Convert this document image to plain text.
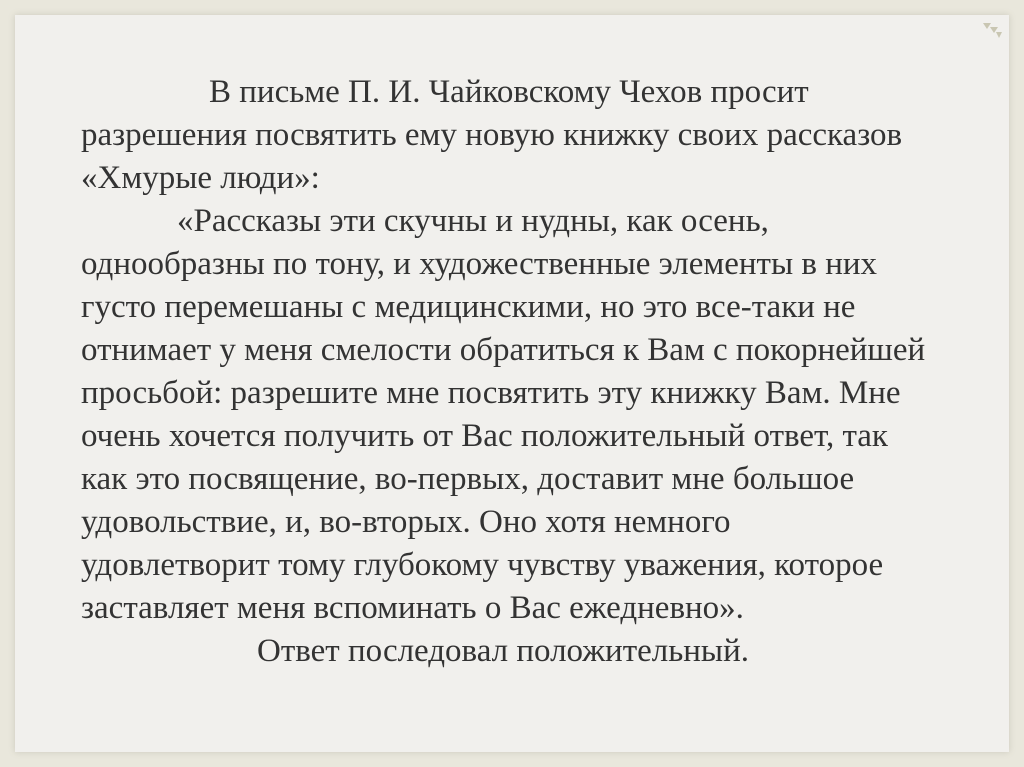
В письме П. И. Чайковскому Чехов просит
разрешения посвятить ему новую книжку своих рассказов
«Хмурые люди»:
«Рассказы эти скучны и нудны, как осень,
однообразны по тону, и художественные элементы в них
густо перемешаны с медицинскими, но это все-таки не
отнимает у меня смелости обратиться к Вам с покорнейшей
просьбой: разрешите мне посвятить эту книжку Вам. Мне
очень хочется получить от Вас положительный ответ, так
как это посвящение, во-первых, доставит мне большое
удовольствие, и, во-вторых. Оно хотя немного
удовлетворит тому глубокому чувству уважения, которое
заставляет меня вспоминать о Вас ежедневно».
Ответ последовал положительный.
